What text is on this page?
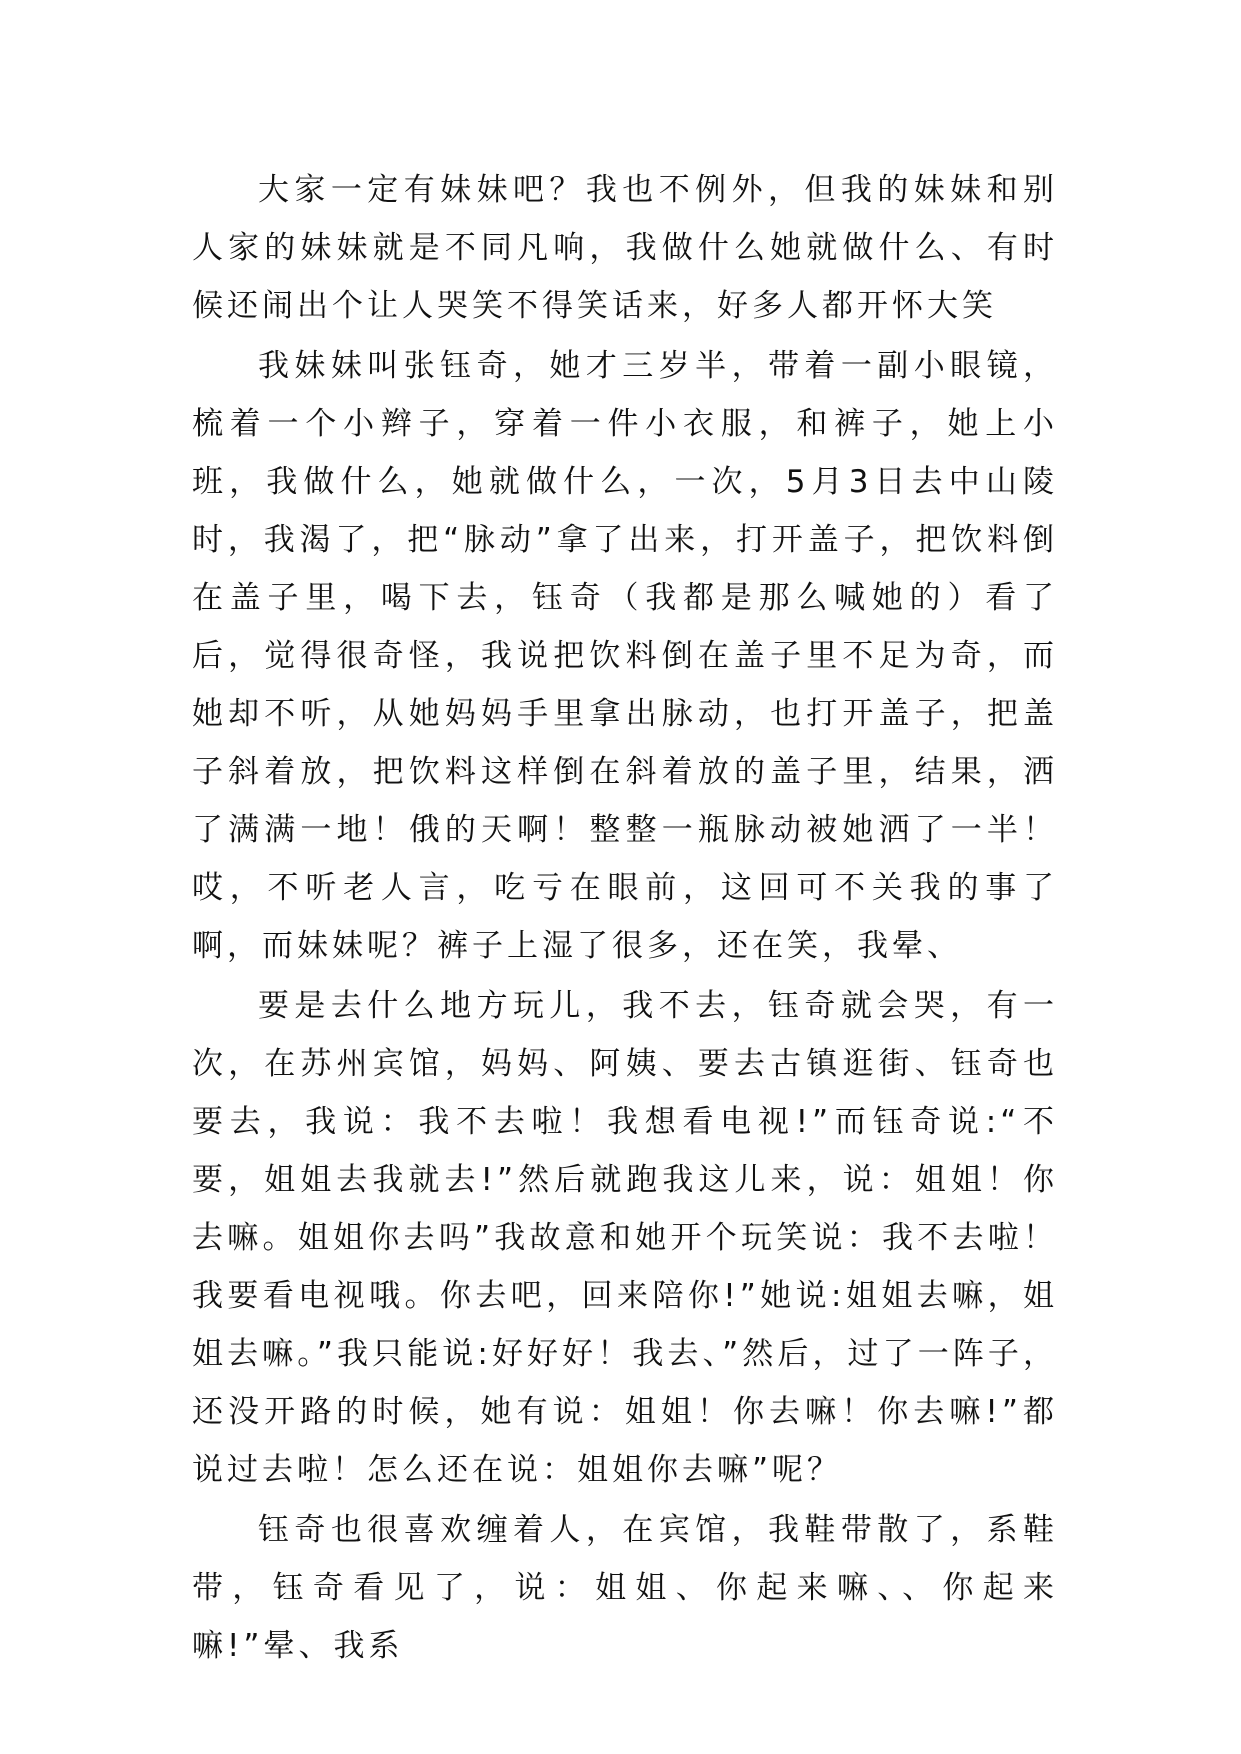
大家一定有妹妹吧？我也不例外，但我的妹妹和别人家的妹妹就是不同凡响，我做什么她就做什么、有时候还闹出个让人哭笑不得笑话来，好多人都开怀大笑

我妹妹叫张钰奇，她才三岁半，带着一副小眼镜，梳着一个小辫子，穿着一件小衣服，和裤子，她上小班，我做什么，她就做什么，一次，5月3日去中山陵时，我渴了，把“脉动”拿了出来，打开盖子，把饮料倒在盖子里，喝下去，钰奇（我都是那么喊她的）看了后，觉得很奇怪，我说把饮料倒在盖子里不足为奇，而她却不听，从她妈妈手里拿出脉动，也打开盖子，把盖子斜着放，把饮料这样倒在斜着放的盖子里，结果，洒了满满一地！俄的天啊！整整一瓶脉动被她洒了一半！哎，不听老人言，吃亏在眼前，这回可不关我的事了啊，而妹妹呢？裤子上湿了很多，还在笑，我晕、

要是去什么地方玩儿，我不去，钰奇就会哭，有一次，在苏州宾馆，妈妈、阿姨、要去古镇逛街、钰奇也要去，我说：我不去啦！我想看电视!”而钰奇说:“不要，姐姐去我就去!”然后就跑我这儿来，说：姐姐！你去嘛。姐姐你去吗”我故意和她开个玩笑说：我不去啦！我要看电视哦。你去吧，回来陪你!”她说:姐姐去嘛，姐姐去嘛。”我只能说:好好好！我去、”然后，过了一阵子，还没开路的时候，她有说：姐姐！你去嘛！你去嘛!”都说过去啦！怎么还在说：姐姐你去嘛”呢？

钰奇也很喜欢缠着人，在宾馆，我鞋带散了，系鞋带，钰奇看见了，说：姐姐、你起来嘛、、你起来嘛!”晕、我系
